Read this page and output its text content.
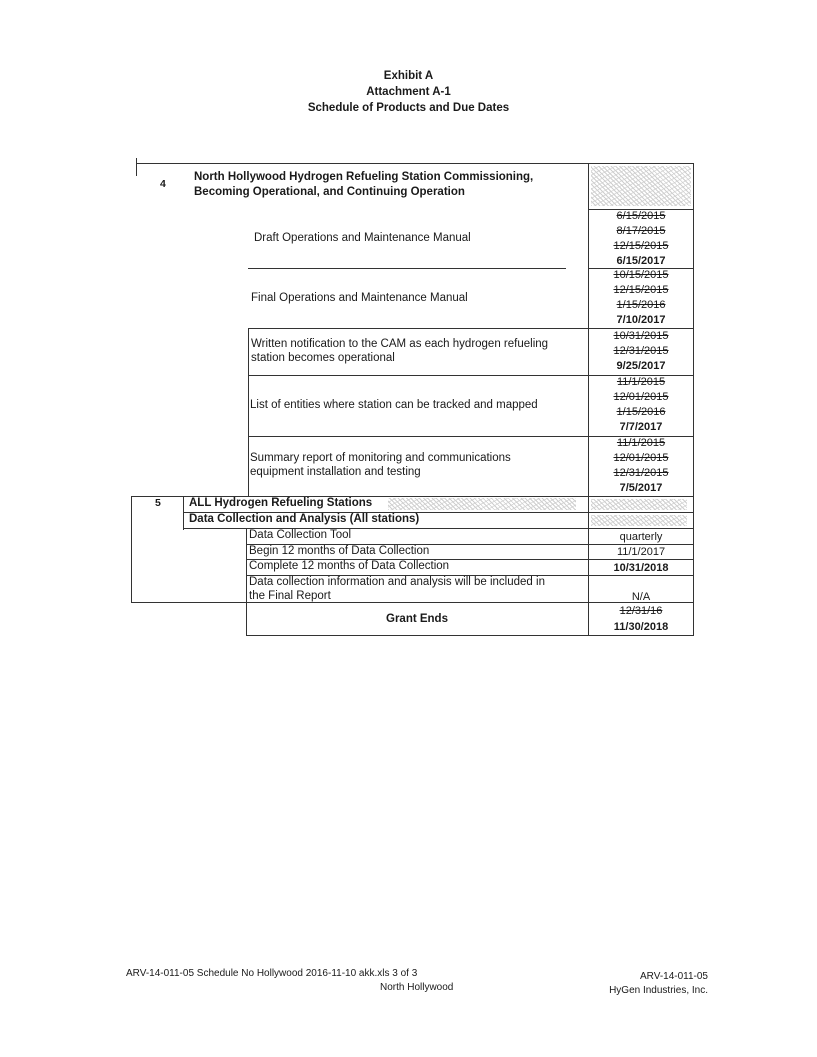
Exhibit A
Attachment A-1
Schedule of Products and Due Dates
4
North Hollywood Hydrogen Refueling Station Commissioning,
Becoming Operational, and Continuing Operation
Draft Operations and Maintenance Manual
6/15/2015
8/17/2015
12/15/2015
6/15/2017
Final Operations and Maintenance Manual
10/15/2015
12/15/2015
1/15/2016
7/10/2017
Written notification to the CAM as each hydrogen refueling
station becomes operational
10/31/2015
12/31/2015
9/25/2017
List of entities where station can be tracked and mapped
11/1/2015
12/01/2015
1/15/2016
7/7/2017
Summary report of monitoring and communications
equipment installation and testing
11/1/2015
12/01/2015
12/31/2015
7/5/2017
5 ALL Hydrogen Refueling Stations
Data Collection and Analysis (All stations)
Data Collection Tool	quarterly
Begin 12 months of Data Collection	11/1/2017
Complete 12 months of Data Collection	10/31/2018
Data collection information and analysis will be included in
the Final Report	N/A
Grant Ends
12/31/16
11/30/2018
ARV-14-011-05 Schedule No Hollywood 2016-11-10 akk.xls 3 of 3
North Hollywood
ARV-14-011-05
HyGen Industries, Inc.
